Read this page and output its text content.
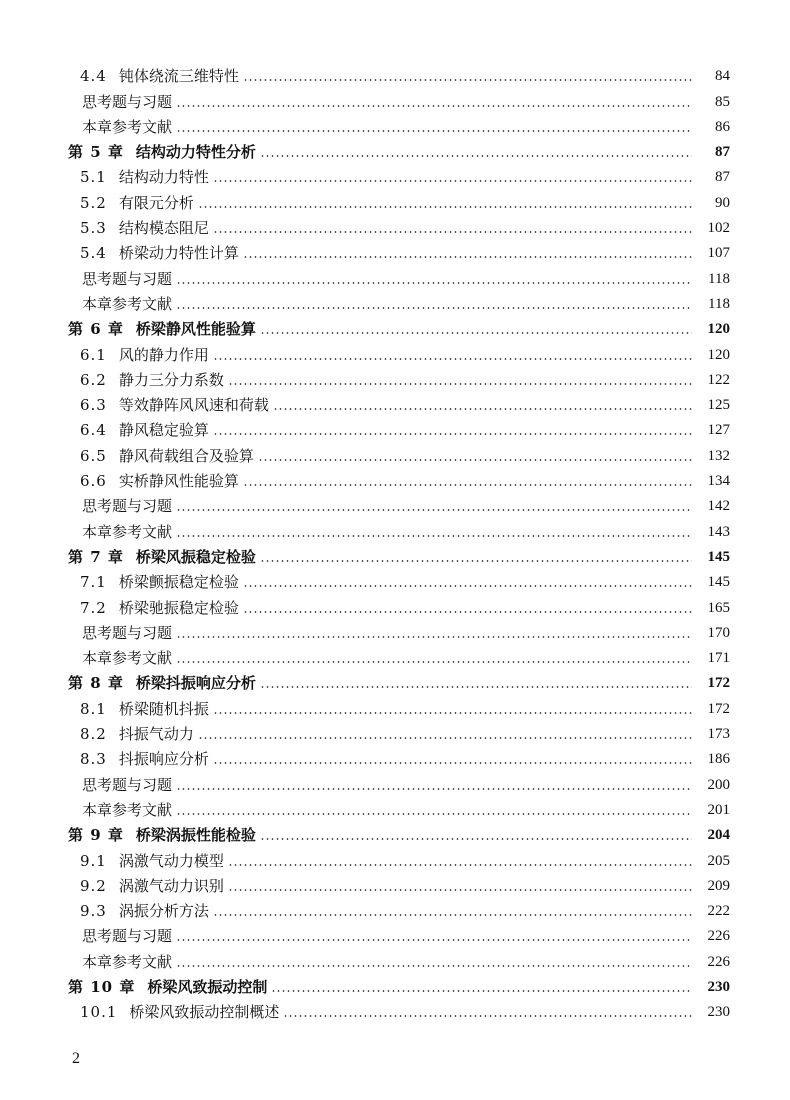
4.4 钝体绕流三维特性	84
思考题与习题	85
本章参考文献	86
第 5 章 结构动力特性分析	87
5.1 结构动力特性	87
5.2 有限元分析	90
5.3 结构模态阻尼	102
5.4 桥梁动力特性计算	107
思考题与习题	118
本章参考文献	118
第 6 章 桥梁静风性能验算	120
6.1 风的静力作用	120
6.2 静力三分力系数	122
6.3 等效静阵风风速和荷载	125
6.4 静风稳定验算	127
6.5 静风荷载组合及验算	132
6.6 实桥静风性能验算	134
思考题与习题	142
本章参考文献	143
第 7 章 桥梁风振稳定检验	145
7.1 桥梁颤振稳定检验	145
7.2 桥梁驰振稳定检验	165
思考题与习题	170
本章参考文献	171
第 8 章 桥梁抖振响应分析	172
8.1 桥梁随机抖振	172
8.2 抖振气动力	173
8.3 抖振响应分析	186
思考题与习题	200
本章参考文献	201
第 9 章 桥梁涡振性能检验	204
9.1 涡激气动力模型	205
9.2 涡激气动力识别	209
9.3 涡振分析方法	222
思考题与习题	226
本章参考文献	226
第 10 章 桥梁风致振动控制	230
10.1 桥梁风致振动控制概述	230
2
